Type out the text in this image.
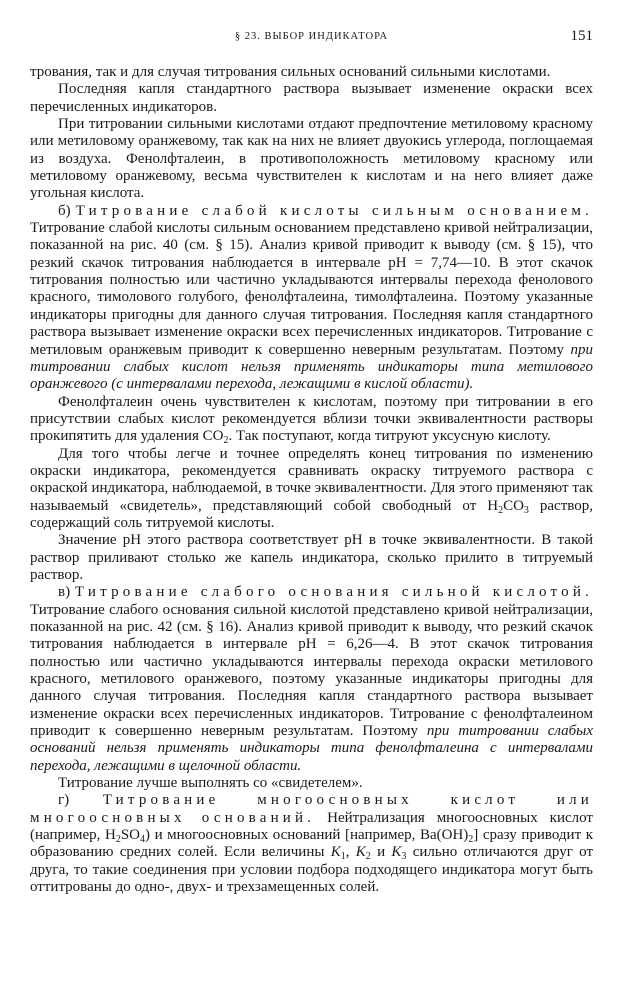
§ 23. ВЫБОР ИНДИКАТОРА	151

трования, так и для случая титрования сильных оснований сильными кислотами.

Последняя капля стандартного раствора вызывает изменение окраски всех перечисленных индикаторов.

При титровании сильными кислотами отдают предпочтение метиловому красному или метиловому оранжевому, так как на них не влияет двуокись углерода, поглощаемая из воздуха. Фенолфталеин, в противоположность метиловому красному или метиловому оранжевому, весьма чувствителен к кислотам и на него влияет даже угольная кислота.

б) Титрование слабой кислоты сильным основанием. Титрование слабой кислоты сильным основанием представлено кривой нейтрализации, показанной на рис. 40 (см. § 15). Анализ кривой приводит к выводу (см. § 15), что резкий скачок титрования наблюдается в интервале pH = 7,74—10. В этот скачок титрования полностью или частично укладываются интервалы перехода фенолового красного, тимолового голубого, фенолфталеина, тимолфталеина. Поэтому указанные индикаторы пригодны для данного случая титрования. Последняя капля стандартного раствора вызывает изменение окраски всех перечисленных индикаторов. Титрование с метиловым оранжевым приводит к совершенно неверным результатам. Поэтому при титровании слабых кислот нельзя применять индикаторы типа метилового оранжевого (с интервалами перехода, лежащими в кислой области).

Фенолфталеин очень чувствителен к кислотам, поэтому при титровании в его присутствии слабых кислот рекомендуется вблизи точки эквивалентности растворы прокипятить для удаления $CO_2$. Так поступают, когда титруют уксусную кислоту.

Для того чтобы легче и точнее определять конец титрования по изменению окраски индикатора, рекомендуется сравнивать окраску титруемого раствора с окраской индикатора, наблюдаемой, в точке эквивалентности. Для этого применяют так называемый «свидетель», представляющий собой свободный от $H_2CO_3$ раствор, содержащий соль титруемой кислоты.

Значение pH этого раствора соответствует pH в точке эквивалентности. В такой раствор приливают столько же капель индикатора, сколько прилито в титруемый раствор.

в) Титрование слабого основания сильной кислотой. Титрование слабого основания сильной кислотой представлено кривой нейтрализации, показанной на рис. 42 (см. § 16). Анализ кривой приводит к выводу, что резкий скачок титрования наблюдается в интервале pH = 6,26—4. В этот скачок титрования полностью или частично укладываются интервалы перехода окраски метилового красного, метилового оранжевого, поэтому указанные индикаторы пригодны для данного случая титрования. Последняя капля стандартного раствора вызывает изменение окраски всех перечисленных индикаторов. Титрование с фенолфталеином приводит к совершенно неверным результатам. Поэтому при титровании слабых оснований нельзя применять индикаторы типа фенолфталеина с интервалами перехода, лежащими в щелочной области.

Титрование лучше выполнять со «свидетелем».

г) Титрование многоосновных кислот или многоосновных оснований. Нейтрализация многоосновных кислот (например, $H_2SO_4$) и многоосновных оснований [например, $Ba(OH)_2$] сразу приводит к образованию средних солей. Если величины $K_1$, $K_2$ и $K_3$ сильно отличаются друг от друга, то такие соединения при условии подбора подходящего индикатора могут быть оттитрованы до одно-, двух- и трехзамещенных солей.
